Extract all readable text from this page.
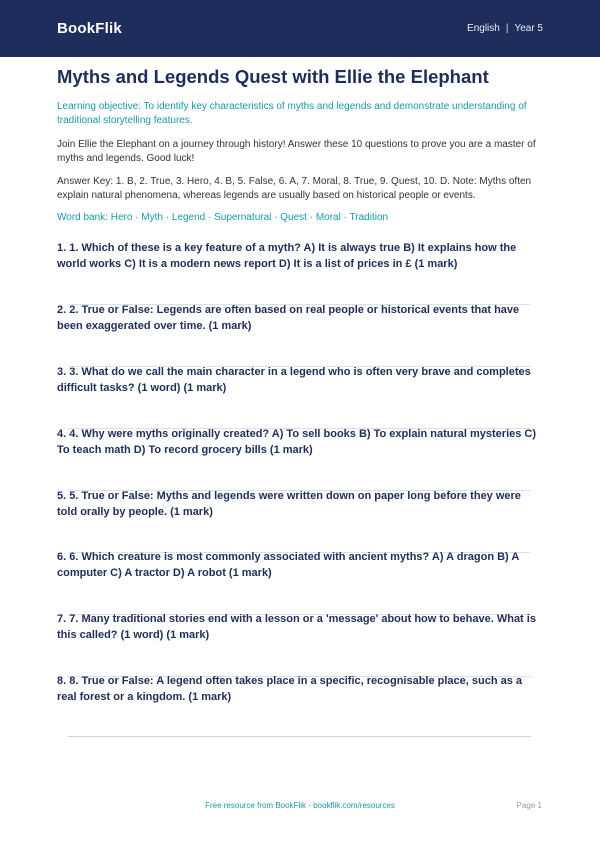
BookFlik	English | Year 5
Myths and Legends Quest with Ellie the Elephant
Learning objective: To identify key characteristics of myths and legends and demonstrate understanding of traditional storytelling features.
Join Ellie the Elephant on a journey through history! Answer these 10 questions to prove you are a master of myths and legends. Good luck!
Answer Key: 1. B, 2. True, 3. Hero, 4. B, 5. False, 6. A, 7. Moral, 8. True, 9. Quest, 10. D. Note: Myths often explain natural phenomena, whereas legends are usually based on historical people or events.
Word bank: Hero · Myth · Legend · Supernatural · Quest · Moral · Tradition
1. 1. Which of these is a key feature of a myth? A) It is always true B) It explains how the world works C) It is a modern news report D) It is a list of prices in £ (1 mark)
2. 2. True or False: Legends are often based on real people or historical events that have been exaggerated over time. (1 mark)
3. 3. What do we call the main character in a legend who is often very brave and completes difficult tasks? (1 word) (1 mark)
4. 4. Why were myths originally created? A) To sell books B) To explain natural mysteries C) To teach math D) To record grocery bills (1 mark)
5. 5. True or False: Myths and legends were written down on paper long before they were told orally by people. (1 mark)
6. 6. Which creature is most commonly associated with ancient myths? A) A dragon B) A computer C) A tractor D) A robot (1 mark)
7. 7. Many traditional stories end with a lesson or a 'message' about how to behave. What is this called? (1 word) (1 mark)
8. 8. True or False: A legend often takes place in a specific, recognisable place, such as a real forest or a kingdom. (1 mark)
Free resource from BookFlik · bookflik.com/resources	Page 1
